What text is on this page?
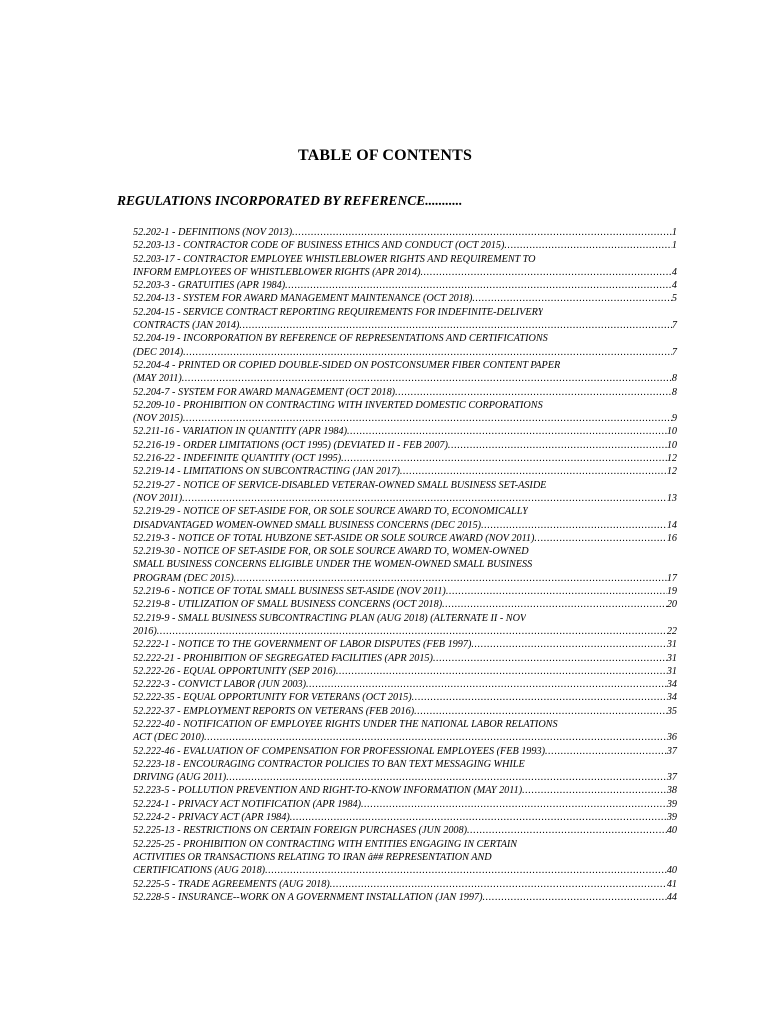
TABLE OF CONTENTS
REGULATIONS INCORPORATED BY REFERENCE...........
52.202-1 - DEFINITIONS (NOV 2013) .....	1
52.203-13 - CONTRACTOR CODE OF BUSINESS ETHICS AND CONDUCT (OCT 2015) .....	1
52.203-17 - CONTRACTOR EMPLOYEE WHISTLEBLOWER RIGHTS AND REQUIREMENT TO
INFORM EMPLOYEES OF WHISTLEBLOWER RIGHTS (APR 2014) .....	4
52.203-3 - GRATUITIES (APR 1984) .....	4
52.204-13 - SYSTEM FOR AWARD MANAGEMENT MAINTENANCE (OCT 2018) .....	5
52.204-15 - SERVICE CONTRACT REPORTING REQUIREMENTS FOR INDEFINITE-DELIVERY
CONTRACTS (JAN 2014) .....	7
52.204-19 - INCORPORATION BY REFERENCE OF REPRESENTATIONS AND CERTIFICATIONS
(DEC 2014) .....	7
52.204-4 - PRINTED OR COPIED DOUBLE-SIDED ON POSTCONSUMER FIBER CONTENT PAPER
(MAY 2011) .....	8
52.204-7 - SYSTEM FOR AWARD MANAGEMENT (OCT 2018) .....	8
52.209-10 - PROHIBITION ON CONTRACTING WITH INVERTED DOMESTIC CORPORATIONS
(NOV 2015) .....	9
52.211-16 - VARIATION IN QUANTITY (APR 1984) .....	10
52.216-19 - ORDER LIMITATIONS (OCT 1995) (DEVIATED II - FEB 2007) .....	10
52.216-22 - INDEFINITE QUANTITY (OCT 1995) .....	12
52.219-14 - LIMITATIONS ON SUBCONTRACTING (JAN 2017) .....	12
52.219-27 - NOTICE OF SERVICE-DISABLED VETERAN-OWNED SMALL BUSINESS SET-ASIDE
(NOV 2011) .....	13
52.219-29 - NOTICE OF SET-ASIDE FOR, OR SOLE SOURCE AWARD TO, ECONOMICALLY
DISADVANTAGED WOMEN-OWNED SMALL BUSINESS CONCERNS (DEC 2015) .....	14
52.219-3 - NOTICE OF TOTAL HUBZONE SET-ASIDE OR SOLE SOURCE AWARD (NOV 2011) .....	16
52.219-30 - NOTICE OF SET-ASIDE FOR, OR SOLE SOURCE AWARD TO, WOMEN-OWNED
SMALL BUSINESS CONCERNS ELIGIBLE UNDER THE WOMEN-OWNED SMALL BUSINESS
PROGRAM (DEC 2015) .....	17
52.219-6 - NOTICE OF TOTAL SMALL BUSINESS SET-ASIDE (NOV 2011) .....	19
52.219-8 - UTILIZATION OF SMALL BUSINESS CONCERNS (OCT 2018) .....	20
52.219-9 - SMALL BUSINESS SUBCONTRACTING PLAN (AUG 2018) (ALTERNATE II - NOV
2016) .....	22
52.222-1 - NOTICE TO THE GOVERNMENT OF LABOR DISPUTES (FEB 1997) .....	31
52.222-21 - PROHIBITION OF SEGREGATED FACILITIES (APR 2015) .....	31
52.222-26 - EQUAL OPPORTUNITY (SEP 2016) .....	31
52.222-3 - CONVICT LABOR (JUN 2003) .....	34
52.222-35 - EQUAL OPPORTUNITY FOR VETERANS (OCT 2015) .....	34
52.222-37 - EMPLOYMENT REPORTS ON VETERANS (FEB 2016) .....	35
52.222-40 - NOTIFICATION OF EMPLOYEE RIGHTS UNDER THE NATIONAL LABOR RELATIONS
ACT (DEC 2010) .....	36
52.222-46 - EVALUATION OF COMPENSATION FOR PROFESSIONAL EMPLOYEES (FEB 1993) .....	37
52.223-18 - ENCOURAGING CONTRACTOR POLICIES TO BAN TEXT MESSAGING WHILE
DRIVING (AUG 2011) .....	37
52.223-5 - POLLUTION PREVENTION AND RIGHT-TO-KNOW INFORMATION (MAY 2011) .....	38
52.224-1 - PRIVACY ACT NOTIFICATION (APR 1984) .....	39
52.224-2 - PRIVACY ACT (APR 1984) .....	39
52.225-13 - RESTRICTIONS ON CERTAIN FOREIGN PURCHASES (JUN 2008) .....	40
52.225-25 - PROHIBITION ON CONTRACTING WITH ENTITIES ENGAGING IN CERTAIN
ACTIVITIES OR TRANSACTIONS RELATING TO IRAN â## REPRESENTATION AND
CERTIFICATIONS (AUG 2018) .....	40
52.225-5 - TRADE AGREEMENTS (AUG 2018) .....	41
52.228-5 - INSURANCE--WORK ON A GOVERNMENT INSTALLATION (JAN 1997) .....	44
